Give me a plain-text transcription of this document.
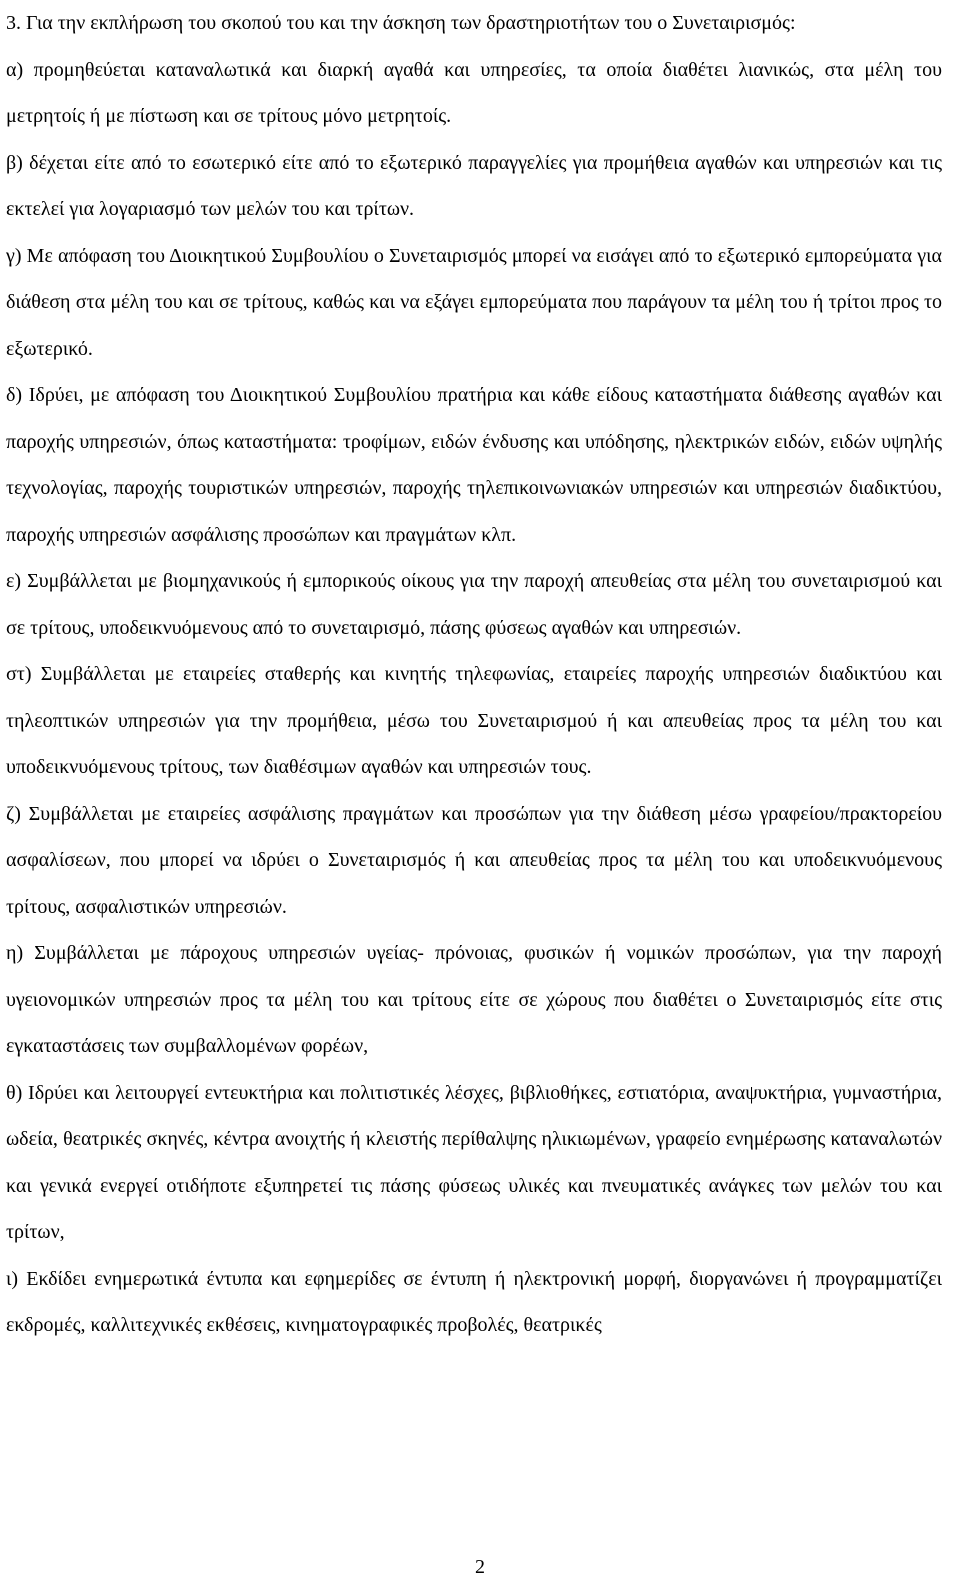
3. Για την εκπλήρωση του σκοπού του και την άσκηση των δραστηριοτήτων του ο Συνεταιρισμός:

α) προμηθεύεται καταναλωτικά και διαρκή αγαθά και υπηρεσίες, τα οποία διαθέτει λιανικώς, στα μέλη του μετρητοίς ή με πίστωση και σε τρίτους μόνο μετρητοίς.

β) δέχεται είτε από το εσωτερικό είτε από το εξωτερικό παραγγελίες για προμήθεια αγαθών και υπηρεσιών και τις εκτελεί για λογαριασμό των μελών του και τρίτων.

γ) Με απόφαση του Διοικητικού Συμβουλίου ο Συνεταιρισμός μπορεί να εισάγει από το εξωτερικό εμπορεύματα για διάθεση στα μέλη του και σε τρίτους, καθώς και να εξάγει εμπορεύματα που παράγουν τα μέλη του ή τρίτοι προς το εξωτερικό.

δ) Ιδρύει, με απόφαση του Διοικητικού Συμβουλίου πρατήρια και κάθε είδους καταστήματα διάθεσης αγαθών και παροχής υπηρεσιών, όπως καταστήματα: τροφίμων, ειδών ένδυσης και υπόδησης, ηλεκτρικών ειδών, ειδών υψηλής τεχνολογίας, παροχής τουριστικών υπηρεσιών, παροχής τηλεπικοινωνιακών υπηρεσιών και υπηρεσιών διαδικτύου, παροχής υπηρεσιών ασφάλισης προσώπων και πραγμάτων κλπ.

ε) Συμβάλλεται με βιομηχανικούς ή εμπορικούς οίκους για την παροχή απευθείας στα μέλη του συνεταιρισμού και σε τρίτους, υποδεικνυόμενους από το συνεταιρισμό, πάσης φύσεως αγαθών και υπηρεσιών.

στ) Συμβάλλεται με εταιρείες σταθερής και κινητής τηλεφωνίας, εταιρείες παροχής υπηρεσιών διαδικτύου και τηλεοπτικών υπηρεσιών για την προμήθεια, μέσω του Συνεταιρισμού ή και απευθείας προς τα μέλη του και υποδεικνυόμενους τρίτους, των διαθέσιμων αγαθών και υπηρεσιών τους.

ζ) Συμβάλλεται με εταιρείες ασφάλισης πραγμάτων και προσώπων για την διάθεση μέσω γραφείου/πρακτορείου ασφαλίσεων, που μπορεί να ιδρύει ο Συνεταιρισμός ή και απευθείας προς τα μέλη του και υποδεικνυόμενους τρίτους, ασφαλιστικών υπηρεσιών.

η) Συμβάλλεται με πάροχους υπηρεσιών υγείας- πρόνοιας, φυσικών ή νομικών προσώπων, για την παροχή υγειονομικών υπηρεσιών προς τα μέλη του και τρίτους είτε σε χώρους που διαθέτει ο Συνεταιρισμός είτε στις εγκαταστάσεις των συμβαλλομένων φορέων,

θ) Ιδρύει και λειτουργεί εντευκτήρια και πολιτιστικές λέσχες, βιβλιοθήκες, εστιατόρια, αναψυκτήρια, γυμναστήρια, ωδεία, θεατρικές σκηνές, κέντρα ανοιχτής ή κλειστής περίθαλψης ηλικιωμένων, γραφείο ενημέρωσης καταναλωτών και γενικά ενεργεί οτιδήποτε εξυπηρετεί τις πάσης φύσεως υλικές και πνευματικές ανάγκες των μελών του και τρίτων,

ι) Εκδίδει ενημερωτικά έντυπα και εφημερίδες σε έντυπη ή ηλεκτρονική μορφή, διοργανώνει ή προγραμματίζει εκδρομές, καλλιτεχνικές εκθέσεις, κινηματογραφικές προβολές, θεατρικές

2
